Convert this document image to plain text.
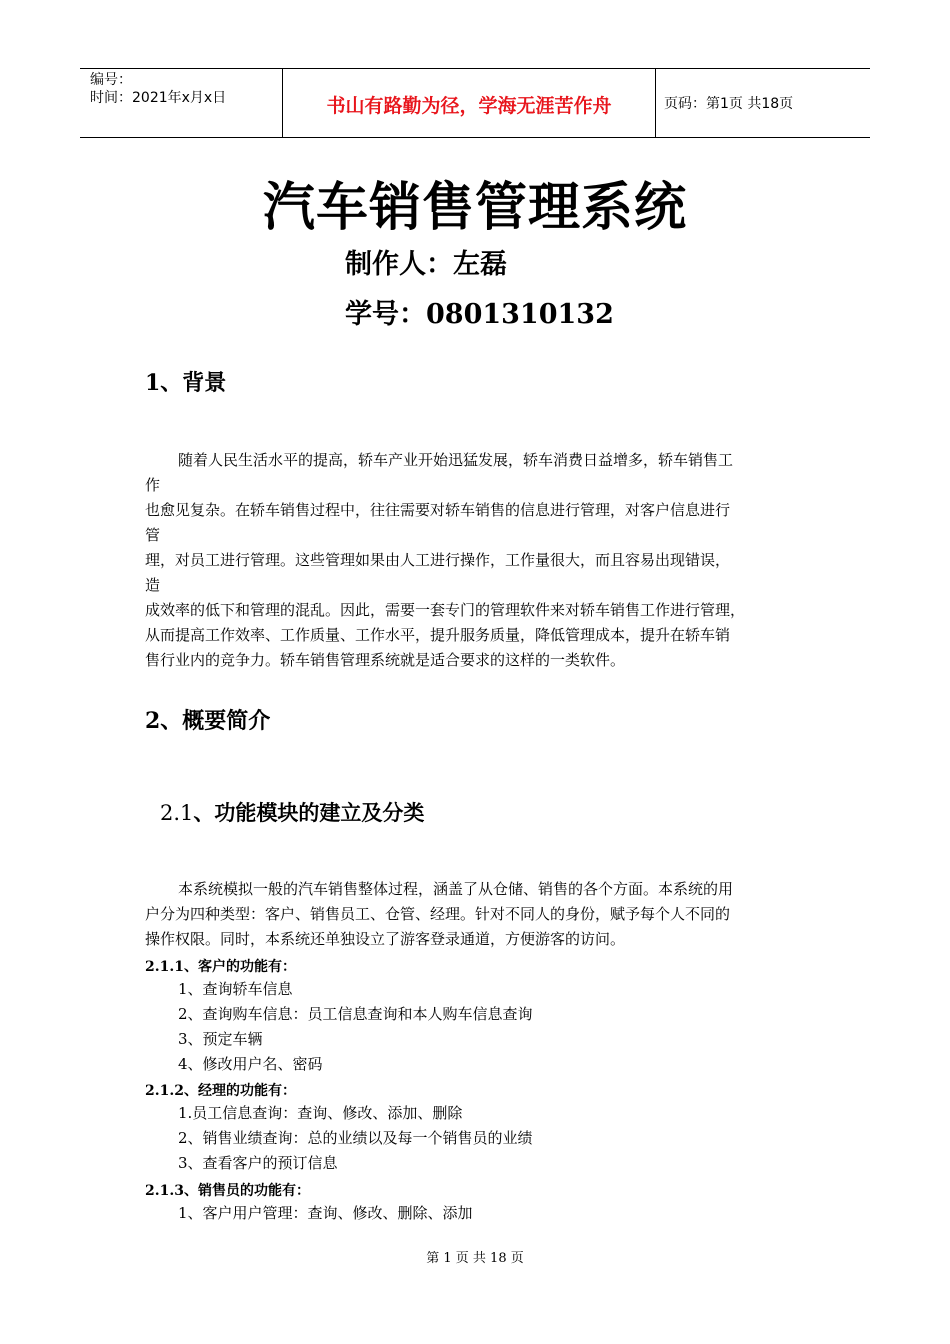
编号：
时间：2021年x月x日	书山有路勤为径，学海无涯苦作舟	页码：第1页 共18页
汽车销售管理系统
制作人：左磊
学号：0801310132
1、背景
随着人民生活水平的提高，轿车产业开始迅猛发展，轿车消费日益增多，轿车销售工
作
也愈见复杂。在轿车销售过程中，往往需要对轿车销售的信息进行管理，对客户信息进行
管
理，对员工进行管理。这些管理如果由人工进行操作，工作量很大，而且容易出现错误，
造
成效率的低下和管理的混乱。因此，需要一套专门的管理软件来对轿车销售工作进行管理，
从而提高工作效率、工作质量、工作水平，提升服务质量，降低管理成本，提升在轿车销
售行业内的竞争力。轿车销售管理系统就是适合要求的这样的一类软件。
2、概要简介
2.1、功能模块的建立及分类
本系统模拟一般的汽车销售整体过程，涵盖了从仓储、销售的各个方面。本系统的用
户分为四种类型：客户、销售员工、仓管、经理。针对不同人的身份，赋予每个人不同的
操作权限。同时，本系统还单独设立了游客登录通道，方便游客的访问。
2.1.1、客户的功能有：
1、查询轿车信息
2、查询购车信息：员工信息查询和本人购车信息查询
3、预定车辆
4、修改用户名、密码
2.1.2、经理的功能有：
1.员工信息查询：查询、修改、添加、删除
2、销售业绩查询：总的业绩以及每一个销售员的业绩
3、查看客户的预订信息
2.1.3、销售员的功能有：
1、客户用户管理：查询、修改、删除、添加
第 1 页 共 18 页
